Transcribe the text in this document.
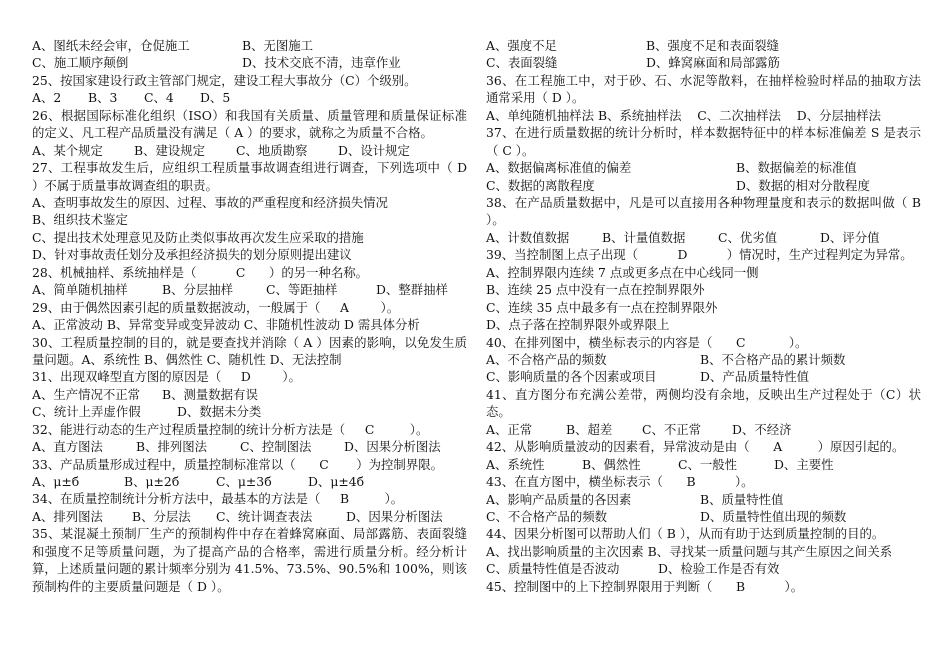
A、图纸未经会审，仓促施工	B、无图施工
C、施工顺序颠倒	D、技术交底不清，违章作业
25、按国家建设行政主管部门规定，建设工程大事故分（C）个级别。
A、2 B、3 C、4 D、5
26、根据国际标准化组织（ISO）和我国有关质量、质量管理和质量保证标准的定义、凡工程产品质量没有满足（ A ）的要求，就称之为质量不合格。
A、某个规定	B、建设规定 C、地质勘察 D、设计规定
27、工程事故发生后，应组织工程质量事故调查组进行调查，下列选项中（ D ）不属于质量事故调查组的职责。
A、查明事故发生的原因、过程、事故的严重程度和经济损失情况
B、组织技术鉴定
C、提出技术处理意见及防止类似事故再次发生应采取的措施
D、针对事故责任划分及承担经济损失的划分原则提出建议
28、机械抽样、系统抽样是（          C      ）的另一种名称。
A、简单随机抽样	B、分层抽样	C、等距抽样	D、整群抽样
29、由于偶然因素引起的质量数据波动，一般属于（     A        ）。
A、正常波动 B、异常变异或变异波动 C、非随机性波动 D 需具体分析
30、工程质量控制的目的，就是要查找并消除（ A ）因素的影响，以免发生质量问题。A、系统性 B、偶然性 C、随机性 D、无法控制
31、出现双峰型直方图的原因是（     D        ）。
A、生产情况不正常 B、测量数据有误
C、统计上弄虚作假	D、数据未分类
32、能进行动态的生产过程质量控制的统计分析方法是（     C         ）。
A、直方图法	B、排列图法	C、控制图法	D、因果分析图法
33、产品质量形成过程中，质量控制标准常以（      C       ）为控制界限。
A、μ±б	B、μ±2б	C、μ±3б	D、μ±4б
34、在质量控制统计分析方法中，最基本的方法是（     B         ）。
A、排列图法 B、分层法 C、统计调查表法	D、因果分析图法
35、某混凝土预制厂生产的预制构件中存在着蜂窝麻面、局部露筋、表面裂缝和强度不足等质量问题，为了提高产品的合格率，需进行质量分析。经分析计算，上述质量问题的累计频率分别为 41.5%、73.5%、90.5%和 100%，则该预制构件的主要质量问题是（ D ）。
A、强度不足	B、强度不足和表面裂缝
C、表面裂缝	D、蜂窝麻面和局部露筋
36、在工程施工中，对于砂、石、水泥等散料，在抽样检验时样品的抽取方法通常采用（ D ）。
A、单纯随机抽样法 B、系统抽样法    C、二次抽样法    D、分层抽样法
37、在进行质量数据的统计分析时，样本数据特征中的样本标准偏差 S 是表示（ C ）。
A、数据偏离标准值的偏差	B、数据偏差的标准值
C、数据的离散程度	D、数据的相对分散程度
38、在产品质量数据中，凡是可以直接用各种物理量度和表示的数据叫做（ B ）。
A、计数值数据	B、计量值数据	C、优劣值	D、评分值
39、当控制图上点子出现（          D          ）情况时，生产过程判定为异常。
A、控制界限内连续 7 点或更多点在中心线同一侧
B、连续 25 点中没有一点在控制界限外
C、连续 35 点中最多有一点在控制界限外
D、点子落在控制界限外或界限上
40、在排列图中，横坐标表示的内容是（      C           ）。
A、不合格产品的频数	B、不合格产品的累计频数
C、影响质量的各个因素或项目	D、产品质量特性值
41、直方图分布充满公差带，两侧均没有余地，反映出生产过程处于（C）状态。
A、正常	B、超差 C、不正常 D、不经济
42、从影响质量波动的因素看，异常波动是由（      A         ）原因引起的。
A、系统性	B、偶然性	C、一般性	D、主要性
43、在直方图中，横坐标表示（      B          ）。
A、影响产品质量的各因素	B、质量特性值
C、不合格产品的频数	D、质量特性值出现的频数
44、因果分析图可以帮助人们（ B ），从而有助于达到质量控制的目的。
A、找出影响质量的主次因素 B、寻找某一质量问题与其产生原因之间关系
C、质量特性值是否波动	D、检验工作是否有效
45、控制图中的上下控制界限用于判断（      B          ）。
